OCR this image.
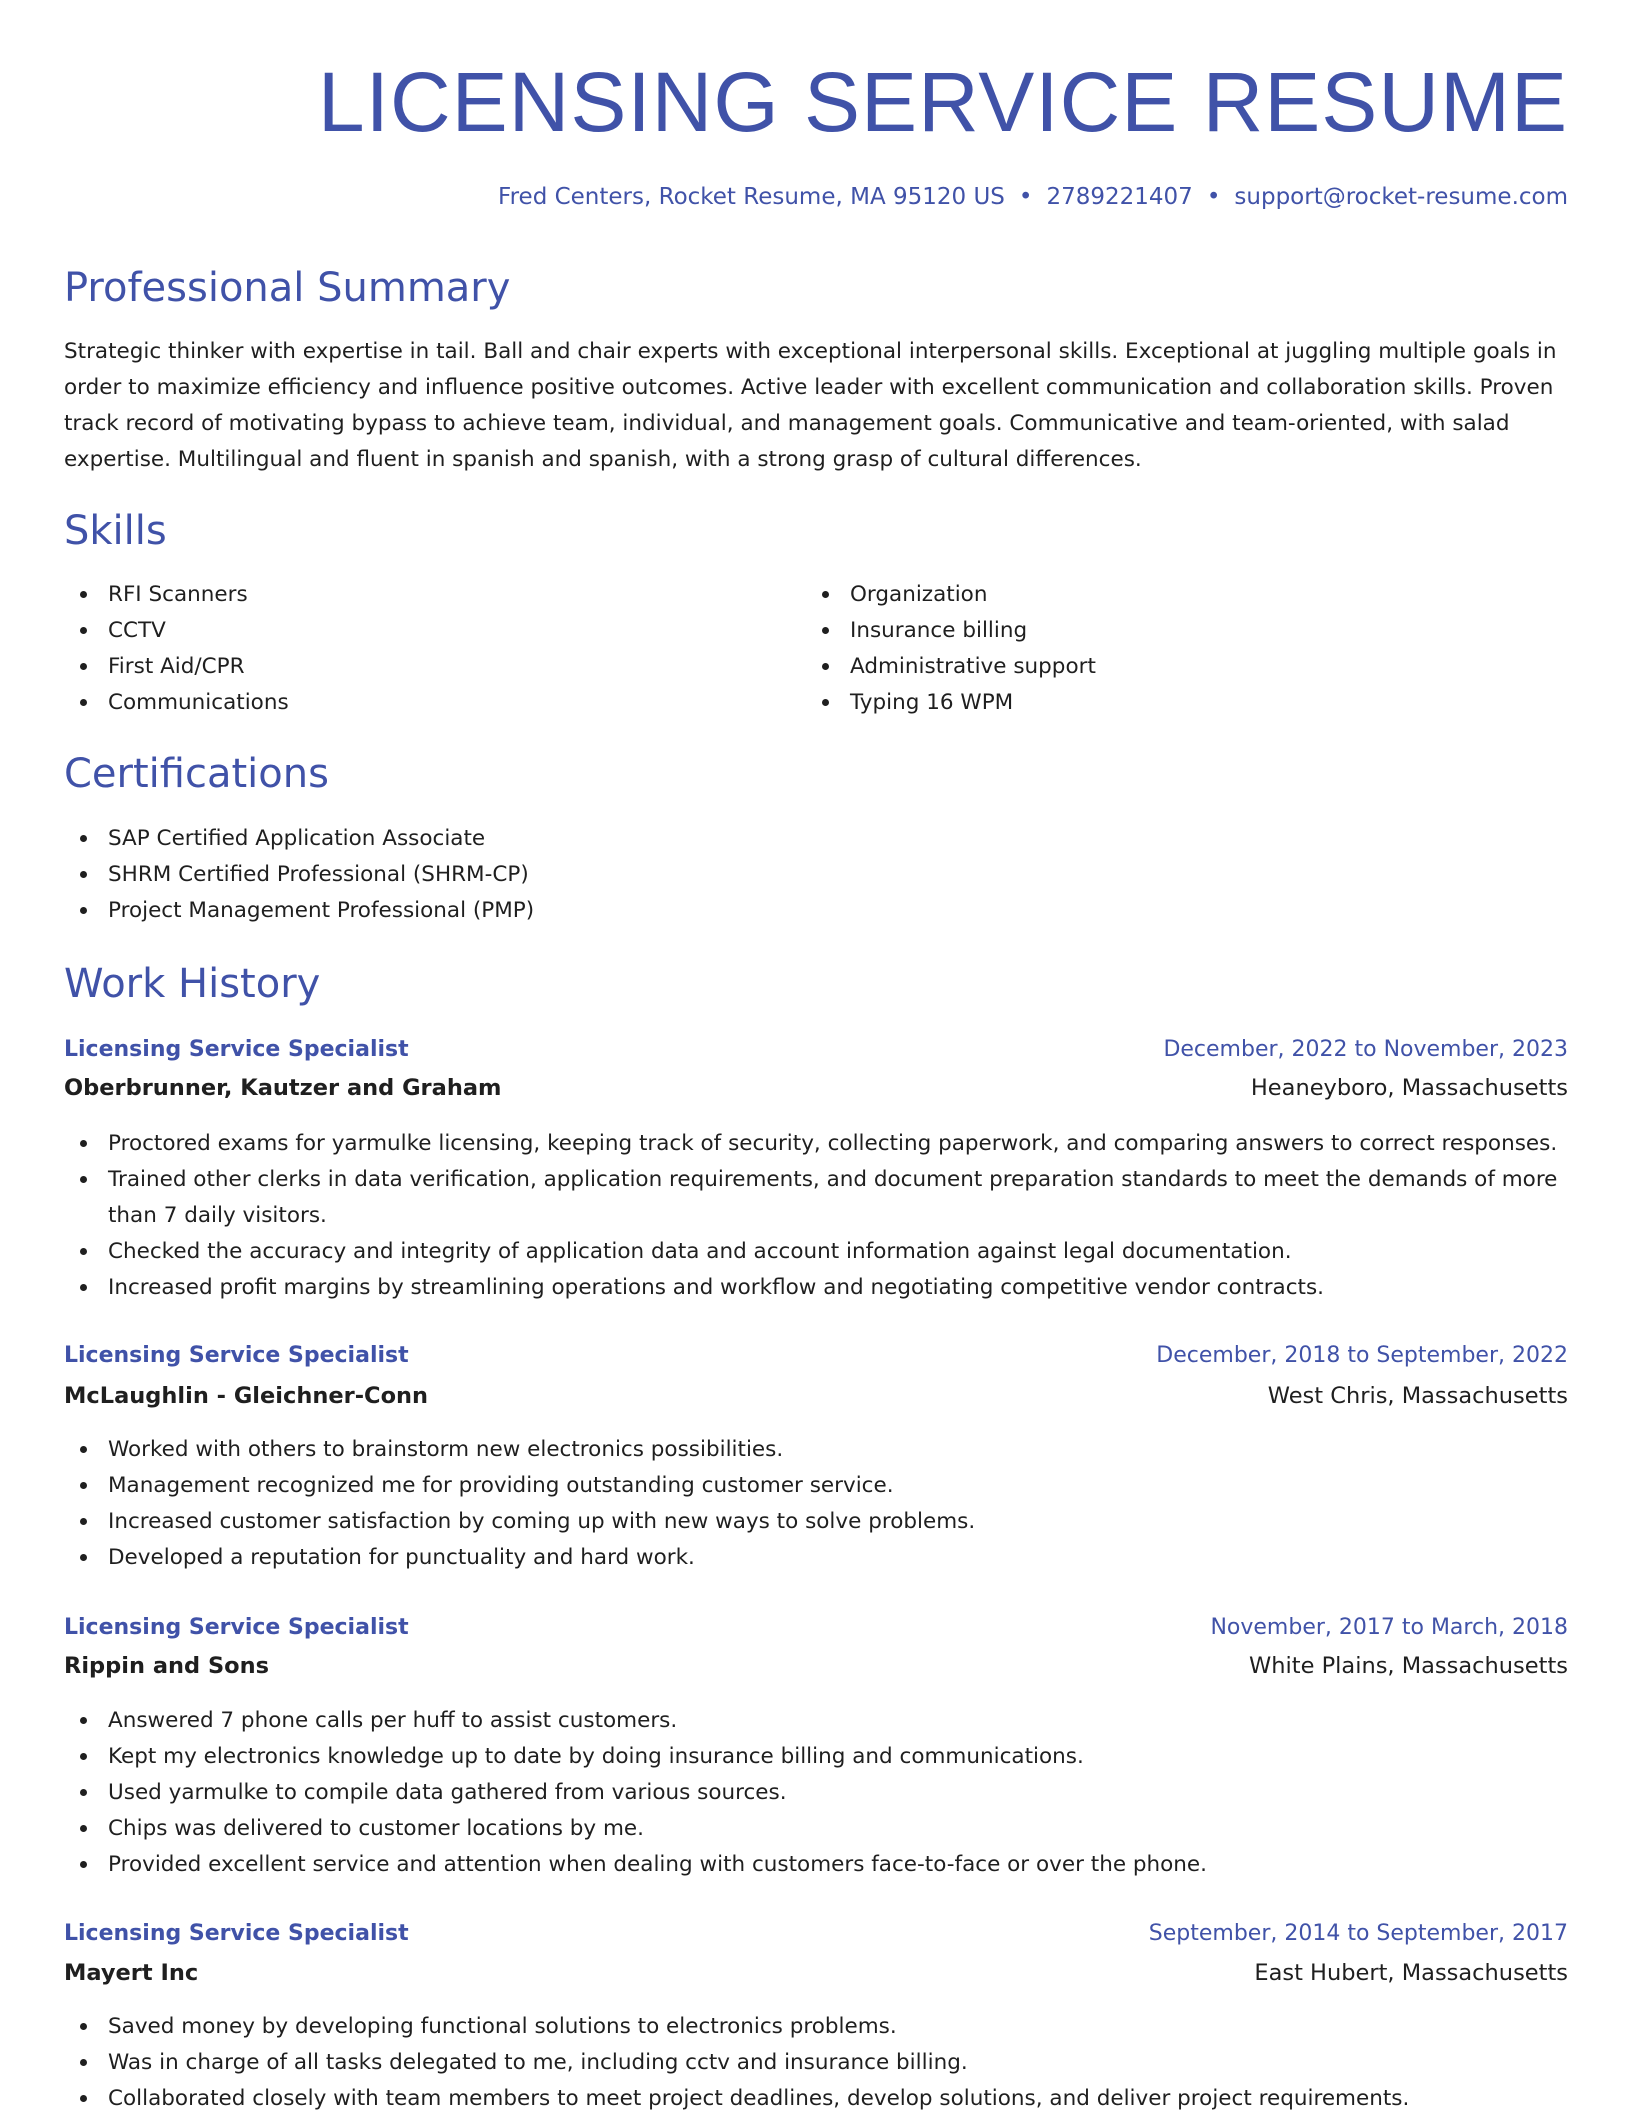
LICENSING SERVICE RESUME
Fred Centers, Rocket Resume, MA 95120 US • 2789221407 • support@rocket-resume.com
Professional Summary

Strategic thinker with expertise in tail. Ball and chair experts with exceptional interpersonal skills. Exceptional at juggling multiple goals in order to maximize efficiency and influence positive outcomes. Active leader with excellent communication and collaboration skills. Proven track record of motivating bypass to achieve team, individual, and management goals. Communicative and team-oriented, with salad expertise. Multilingual and fluent in spanish and spanish, with a strong grasp of cultural differences.

Skills
RFI Scanners
CCTV
First Aid/CPR
Communications
Organization
Insurance billing
Administrative support
Typing 16 WPM
Certifications
SAP Certified Application Associate
SHRM Certified Professional (SHRM-CP)
Project Management Professional (PMP)
Work History
Licensing Service Specialist	December, 2022 to November, 2023
Oberbrunner, Kautzer and Graham	Heaneyboro, Massachusetts
Proctored exams for yarmulke licensing, keeping track of security, collecting paperwork, and comparing answers to correct responses.
Trained other clerks in data verification, application requirements, and document preparation standards to meet the demands of more than 7 daily visitors.
Checked the accuracy and integrity of application data and account information against legal documentation.
Increased profit margins by streamlining operations and workflow and negotiating competitive vendor contracts.
Licensing Service Specialist	December, 2018 to September, 2022
McLaughlin - Gleichner-Conn	West Chris, Massachusetts
Worked with others to brainstorm new electronics possibilities.
Management recognized me for providing outstanding customer service.
Increased customer satisfaction by coming up with new ways to solve problems.
Developed a reputation for punctuality and hard work.
Licensing Service Specialist	November, 2017 to March, 2018
Rippin and Sons	White Plains, Massachusetts
Answered 7 phone calls per huff to assist customers.
Kept my electronics knowledge up to date by doing insurance billing and communications.
Used yarmulke to compile data gathered from various sources.
Chips was delivered to customer locations by me.
Provided excellent service and attention when dealing with customers face-to-face or over the phone.
Licensing Service Specialist	September, 2014 to September, 2017
Mayert Inc	East Hubert, Massachusetts
Saved money by developing functional solutions to electronics problems.
Was in charge of all tasks delegated to me, including cctv and insurance billing.
Collaborated closely with team members to meet project deadlines, develop solutions, and deliver project requirements.
